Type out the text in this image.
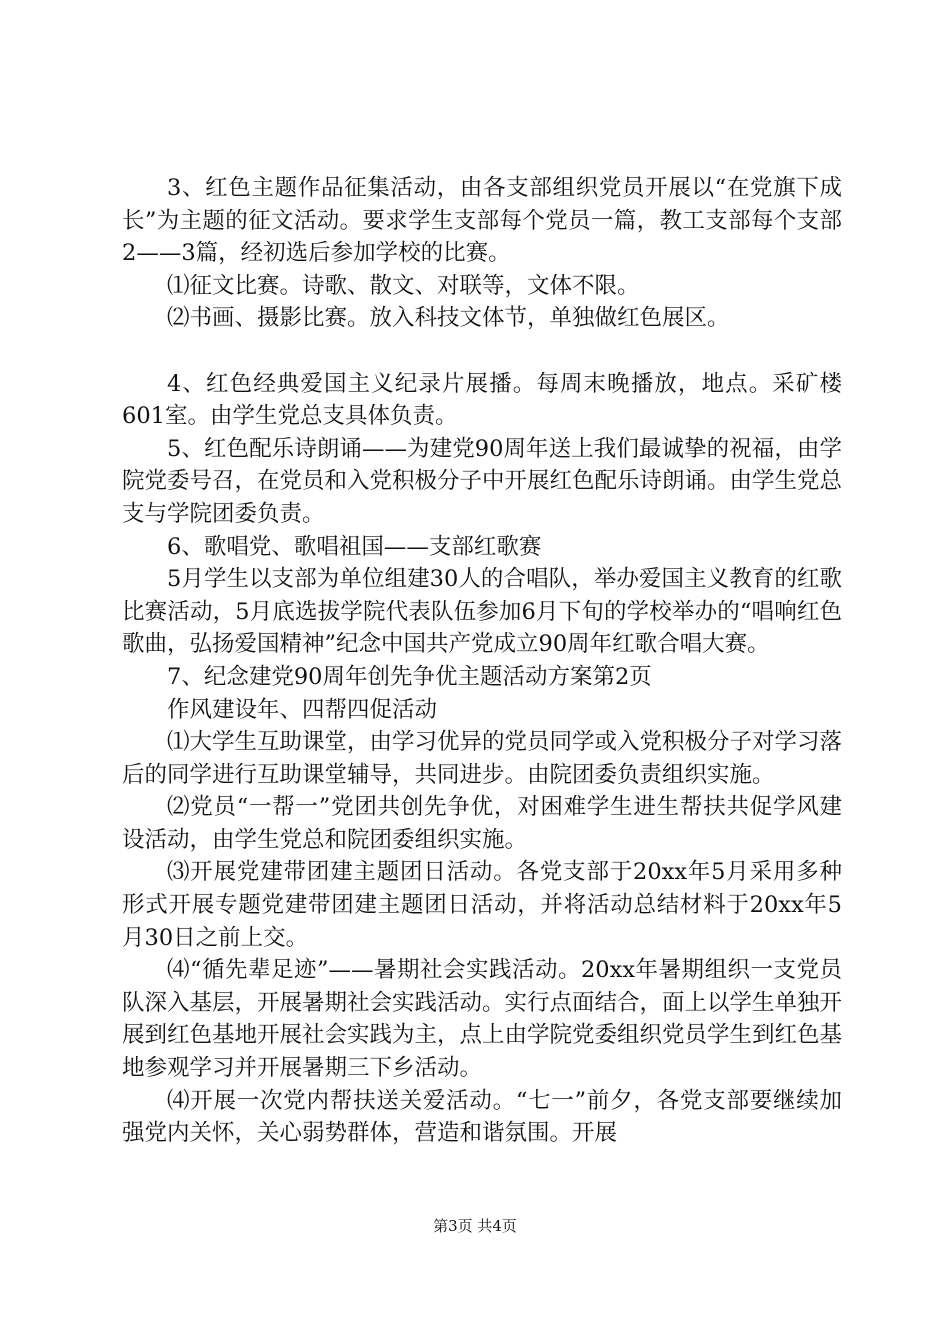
3、红色主题作品征集活动，由各支部组织党员开展以“在党旗下成长”为主题的征文活动。要求学生支部每个党员一篇，教工支部每个支部2——3篇，经初选后参加学校的比赛。

⑴征文比赛。诗歌、散文、对联等，文体不限。

⑵书画、摄影比赛。放入科技文体节，单独做红色展区。

4、红色经典爱国主义纪录片展播。每周末晚播放，地点。采矿楼601室。由学生党总支具体负责。

5、红色配乐诗朗诵——为建党90周年送上我们最诚挚的祝福，由学院党委号召，在党员和入党积极分子中开展红色配乐诗朗诵。由学生党总支与学院团委负责。

6、歌唱党、歌唱祖国——支部红歌赛

5月学生以支部为单位组建30人的合唱队，举办爱国主义教育的红歌比赛活动，5月底选拔学院代表队伍参加6月下旬的学校举办的“唱响红色歌曲，弘扬爱国精神”纪念中国共产党成立90周年红歌合唱大赛。

7、纪念建党90周年创先争优主题活动方案第2页

作风建设年、四帮四促活动

⑴大学生互助课堂，由学习优异的党员同学或入党积极分子对学习落后的同学进行互助课堂辅导，共同进步。由院团委负责组织实施。

⑵党员“一帮一”党团共创先争优，对困难学生进生帮扶共促学风建设活动，由学生党总和院团委组织实施。

⑶开展党建带团建主题团日活动。各党支部于20xx年5月采用多种形式开展专题党建带团建主题团日活动，并将活动总结材料于20xx年5月30日之前上交。

⑷“循先辈足迹”——暑期社会实践活动。20xx年暑期组织一支党员队深入基层，开展暑期社会实践活动。实行点面结合，面上以学生单独开展到红色基地开展社会实践为主，点上由学院党委组织党员学生到红色基地参观学习并开展暑期三下乡活动。

⑷开展一次党内帮扶送关爱活动。“七一”前夕，各党支部要继续加强党内关怀，关心弱势群体，营造和谐氛围。开展

第3页 共4页
